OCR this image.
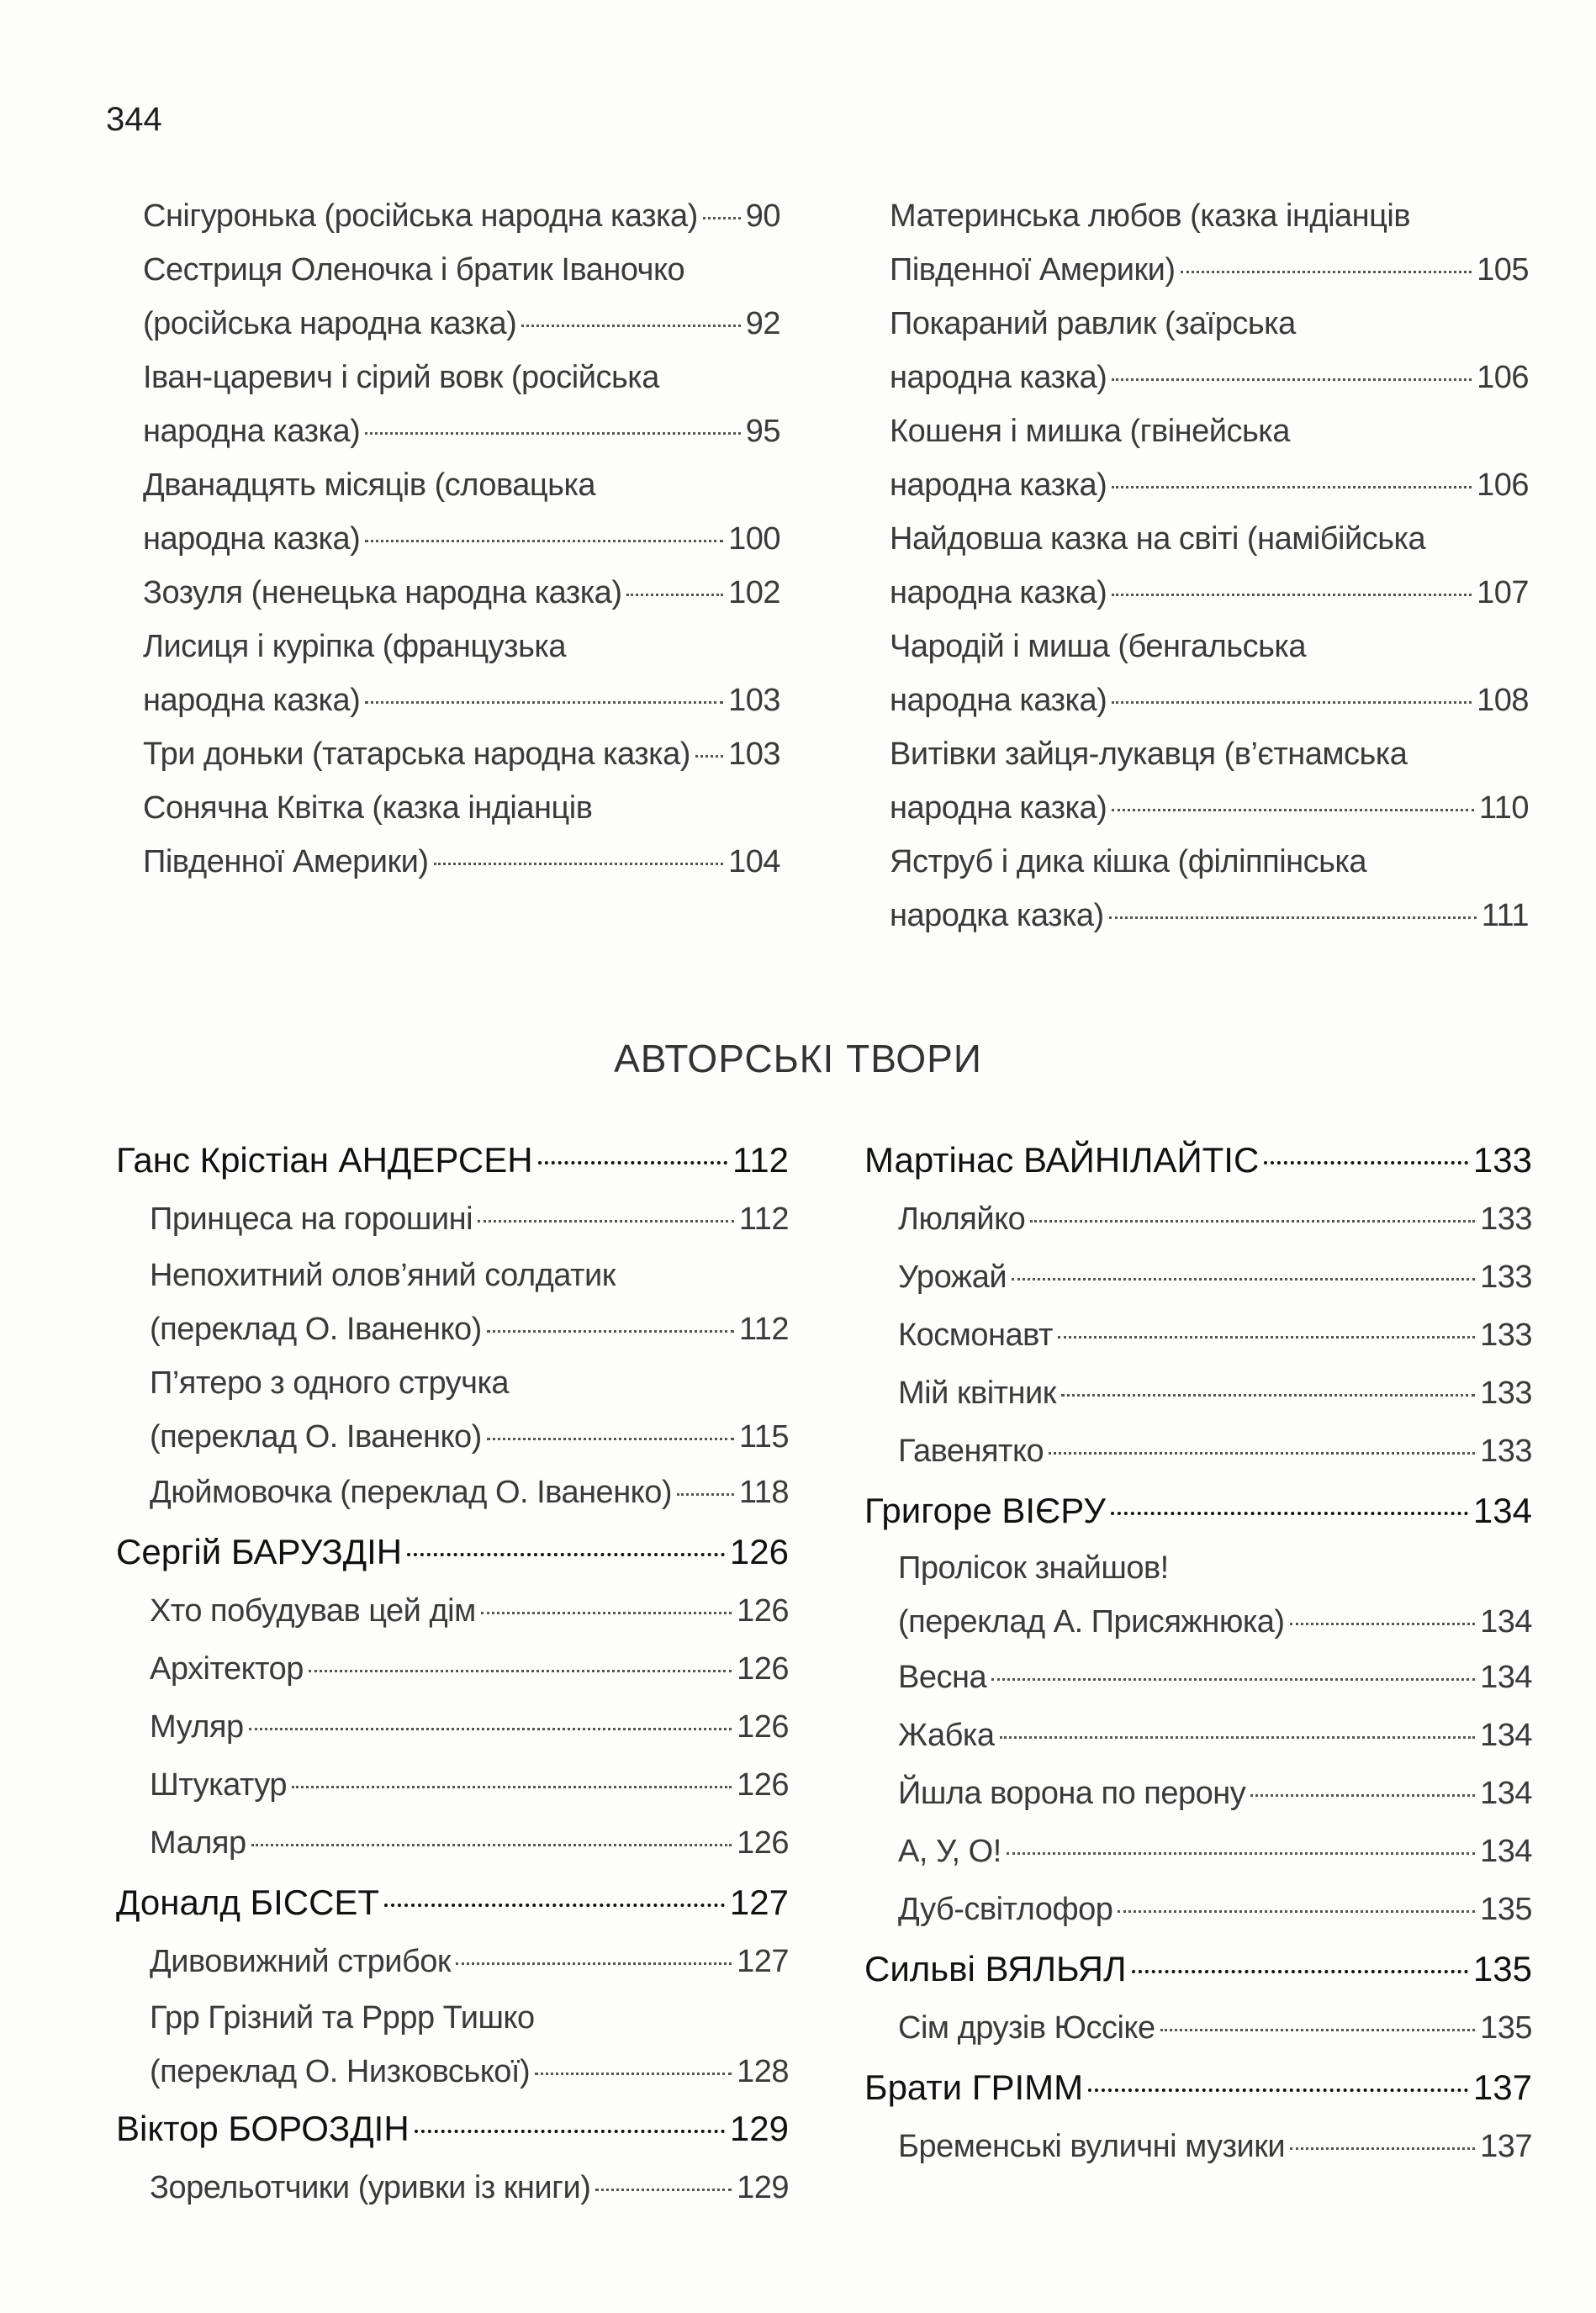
344
Снігуронька (російська народна казка) 90
Сестриця Оленочка і братик Іваночко
(російська народна казка)	92
Іван-царевич і сірий вовк (російська
народна казка)	95
Дванадцять місяців (словацька
народна казка)	100
Зозуля (ненецька народна казка)	102
Лисиця і курiпка (французька
народна казка)	103
Три доньки (татарська народна казка) 103
Сонячна Квітка (казка індіанців
Південної Америки)	104
Материнська любов (казка індіанців
Південної Америки)	105
Покараний равлик (заїрська
народна казка)	106
Кошеня і мишка (гвінейська
народна казка)	106
Найдовша казка на світі (намібійська
народна казка)	107
Чародій і миша (бенгальська
народна казка)	108
Витівки зайця-лукавця (в’єтнамська
народна казка)	110
Яструб і дика кішка (філіппінська
народка казка)	111
АВТОРСЬКІ ТВОРИ
Ганс Крістіан АНДЕРСЕН	112
Принцеса на горошині	112
Непохитний олов’яний солдатик
(переклад О. Іваненко)	112
П’ятеро з одного стручка
(переклад О. Іваненко)	115
Дюймовочка (переклад О. Іваненко) 118
Сергій БАРУЗДІН	126
Хто побудував цей дім	126
Архітектор	126
Муляр	126
Штукатур	126
Маляр	126
Доналд БІССЕТ	127
Дивовижний стрибок	127
Грр Грізний та Рррр Тишко
(переклад О. Низковської)	128
Віктор БОРОЗДІН	129
Зорельотчики (уривки із книги)	129
Мартінас ВАЙНІЛАЙТІС	133
Люляйко	133
Урожай	133
Космонавт	133
Мій квітник	133
Гавенятко	133
Григоре ВІЄРУ	134
Пролісок знайшов!
(переклад А. Присяжнюка)	134
Весна	134
Жабка	134
Йшла ворона по перону	134
А, У, О!	134
Дуб-світлофор	135
Сильві ВЯЛЬЯЛ	135
Сім друзів Юссіке	135
Брати ГРІММ	137
Бременські вуличні музики	137
